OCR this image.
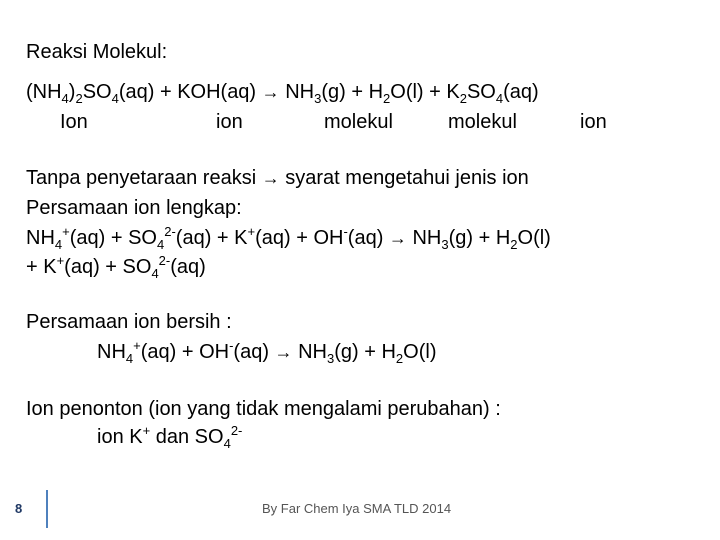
Reaksi Molekul:
$(NH_4)_2SO_4(aq) + KOH(aq) \to NH_3(g) + H_2O(l) + K_2SO_4(aq)$
Ion	ion	molekul	molekul	ion
Tanpa penyetaraan reaksi → syarat mengetahui jenis ion
Persamaan ion lengkap:
$NH_4^+(aq) + SO_4^{2-}(aq) + K^+(aq) + OH^-(aq) \to NH_3(g) + H_2O(l)$
+ $K^+(aq) + SO_4^{2-}(aq)$
Persamaan ion bersih :
$NH_4^+(aq) + OH^-(aq) \to NH_3(g) + H_2O(l)$
Ion penonton (ion yang tidak mengalami perubahan) :
ion K+ dan $SO_4^{2-}$
8	By Far Chem Iya SMA TLD 2014
